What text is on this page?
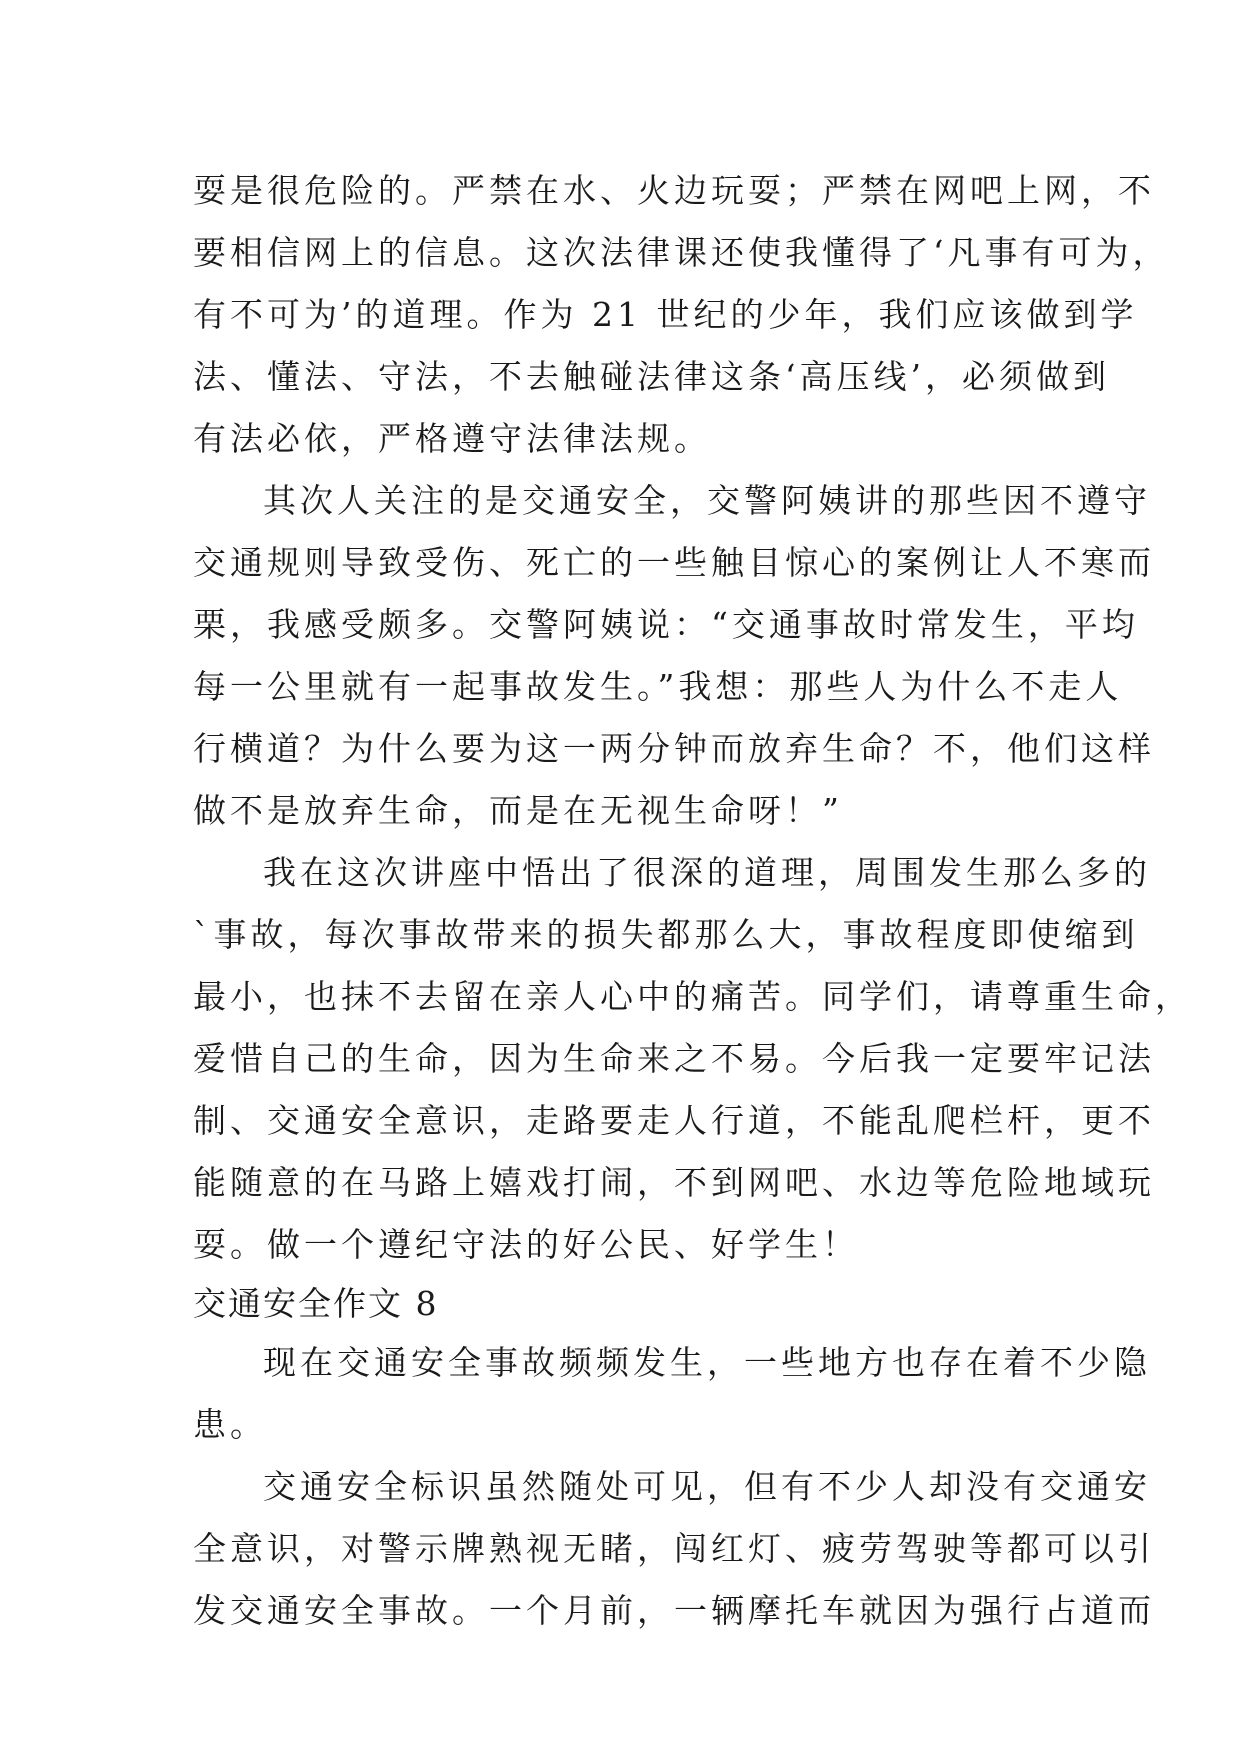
耍是很危险的。严禁在水、火边玩耍；严禁在网吧上网，不
要相信网上的信息。这次法律课还使我懂得了‘凡事有可为，
有不可为’的道理。作为 21 世纪的少年，我们应该做到学
法、懂法、守法，不去触碰法律这条‘高压线’，必须做到
有法必依，严格遵守法律法规。
其次人关注的是交通安全，交警阿姨讲的那些因不遵守
交通规则导致受伤、死亡的一些触目惊心的案例让人不寒而
栗，我感受颇多。交警阿姨说：“交通事故时常发生，平均
每一公里就有一起事故发生。”我想：那些人为什么不走人
行横道？为什么要为这一两分钟而放弃生命？不，他们这样
做不是放弃生命，而是在无视生命呀！”
我在这次讲座中悟出了很深的道理，周围发生那么多的
`事故，每次事故带来的损失都那么大，事故程度即使缩到
最小，也抹不去留在亲人心中的痛苦。同学们，请尊重生命，
爱惜自己的生命，因为生命来之不易。今后我一定要牢记法
制、交通安全意识，走路要走人行道，不能乱爬栏杆，更不
能随意的在马路上嬉戏打闹，不到网吧、水边等危险地域玩
耍。做一个遵纪守法的好公民、好学生！
交通安全作文 8
现在交通安全事故频频发生，一些地方也存在着不少隐
患。
交通安全标识虽然随处可见，但有不少人却没有交通安
全意识，对警示牌熟视无睹，闯红灯、疲劳驾驶等都可以引
发交通安全事故。一个月前，一辆摩托车就因为强行占道而
